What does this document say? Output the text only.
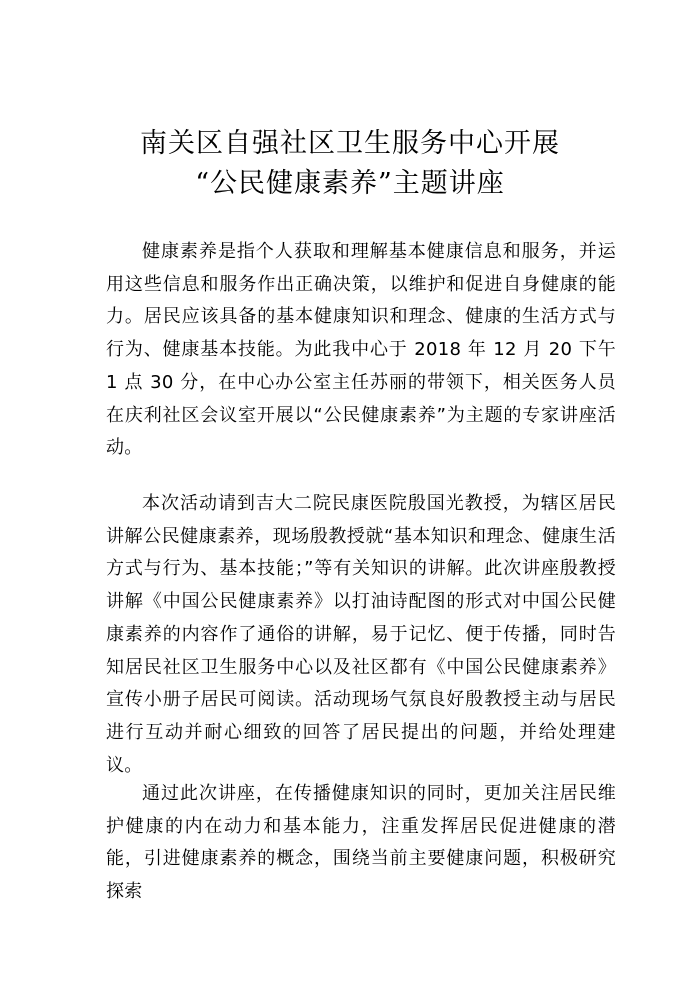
南关区自强社区卫生服务中心开展
“公民健康素养”主题讲座
健康素养是指个人获取和理解基本健康信息和服务，并运用这些信息和服务作出正确决策，以维护和促进自身健康的能力。居民应该具备的基本健康知识和理念、健康的生活方式与行为、健康基本技能。为此我中心于 2018 年 12 月 20 下午 1 点 30 分，在中心办公室主任苏丽的带领下，相关医务人员在庆利社区会议室开展以“公民健康素养”为主题的专家讲座活动。
本次活动请到吉大二院民康医院殷国光教授，为辖区居民讲解公民健康素养，现场殷教授就“基本知识和理念、健康生活方式与行为、基本技能；”等有关知识的讲解。此次讲座殷教授讲解《中国公民健康素养》以打油诗配图的形式对中国公民健康素养的内容作了通俗的讲解，易于记忆、便于传播，同时告知居民社区卫生服务中心以及社区都有《中国公民健康素养》宣传小册子居民可阅读。活动现场气氛良好殷教授主动与居民进行互动并耐心细致的回答了居民提出的问题，并给处理建议。
通过此次讲座，在传播健康知识的同时，更加关注居民维护健康的内在动力和基本能力，注重发挥居民促进健康的潜能，引进健康素养的概念，围绕当前主要健康问题，积极研究探索
